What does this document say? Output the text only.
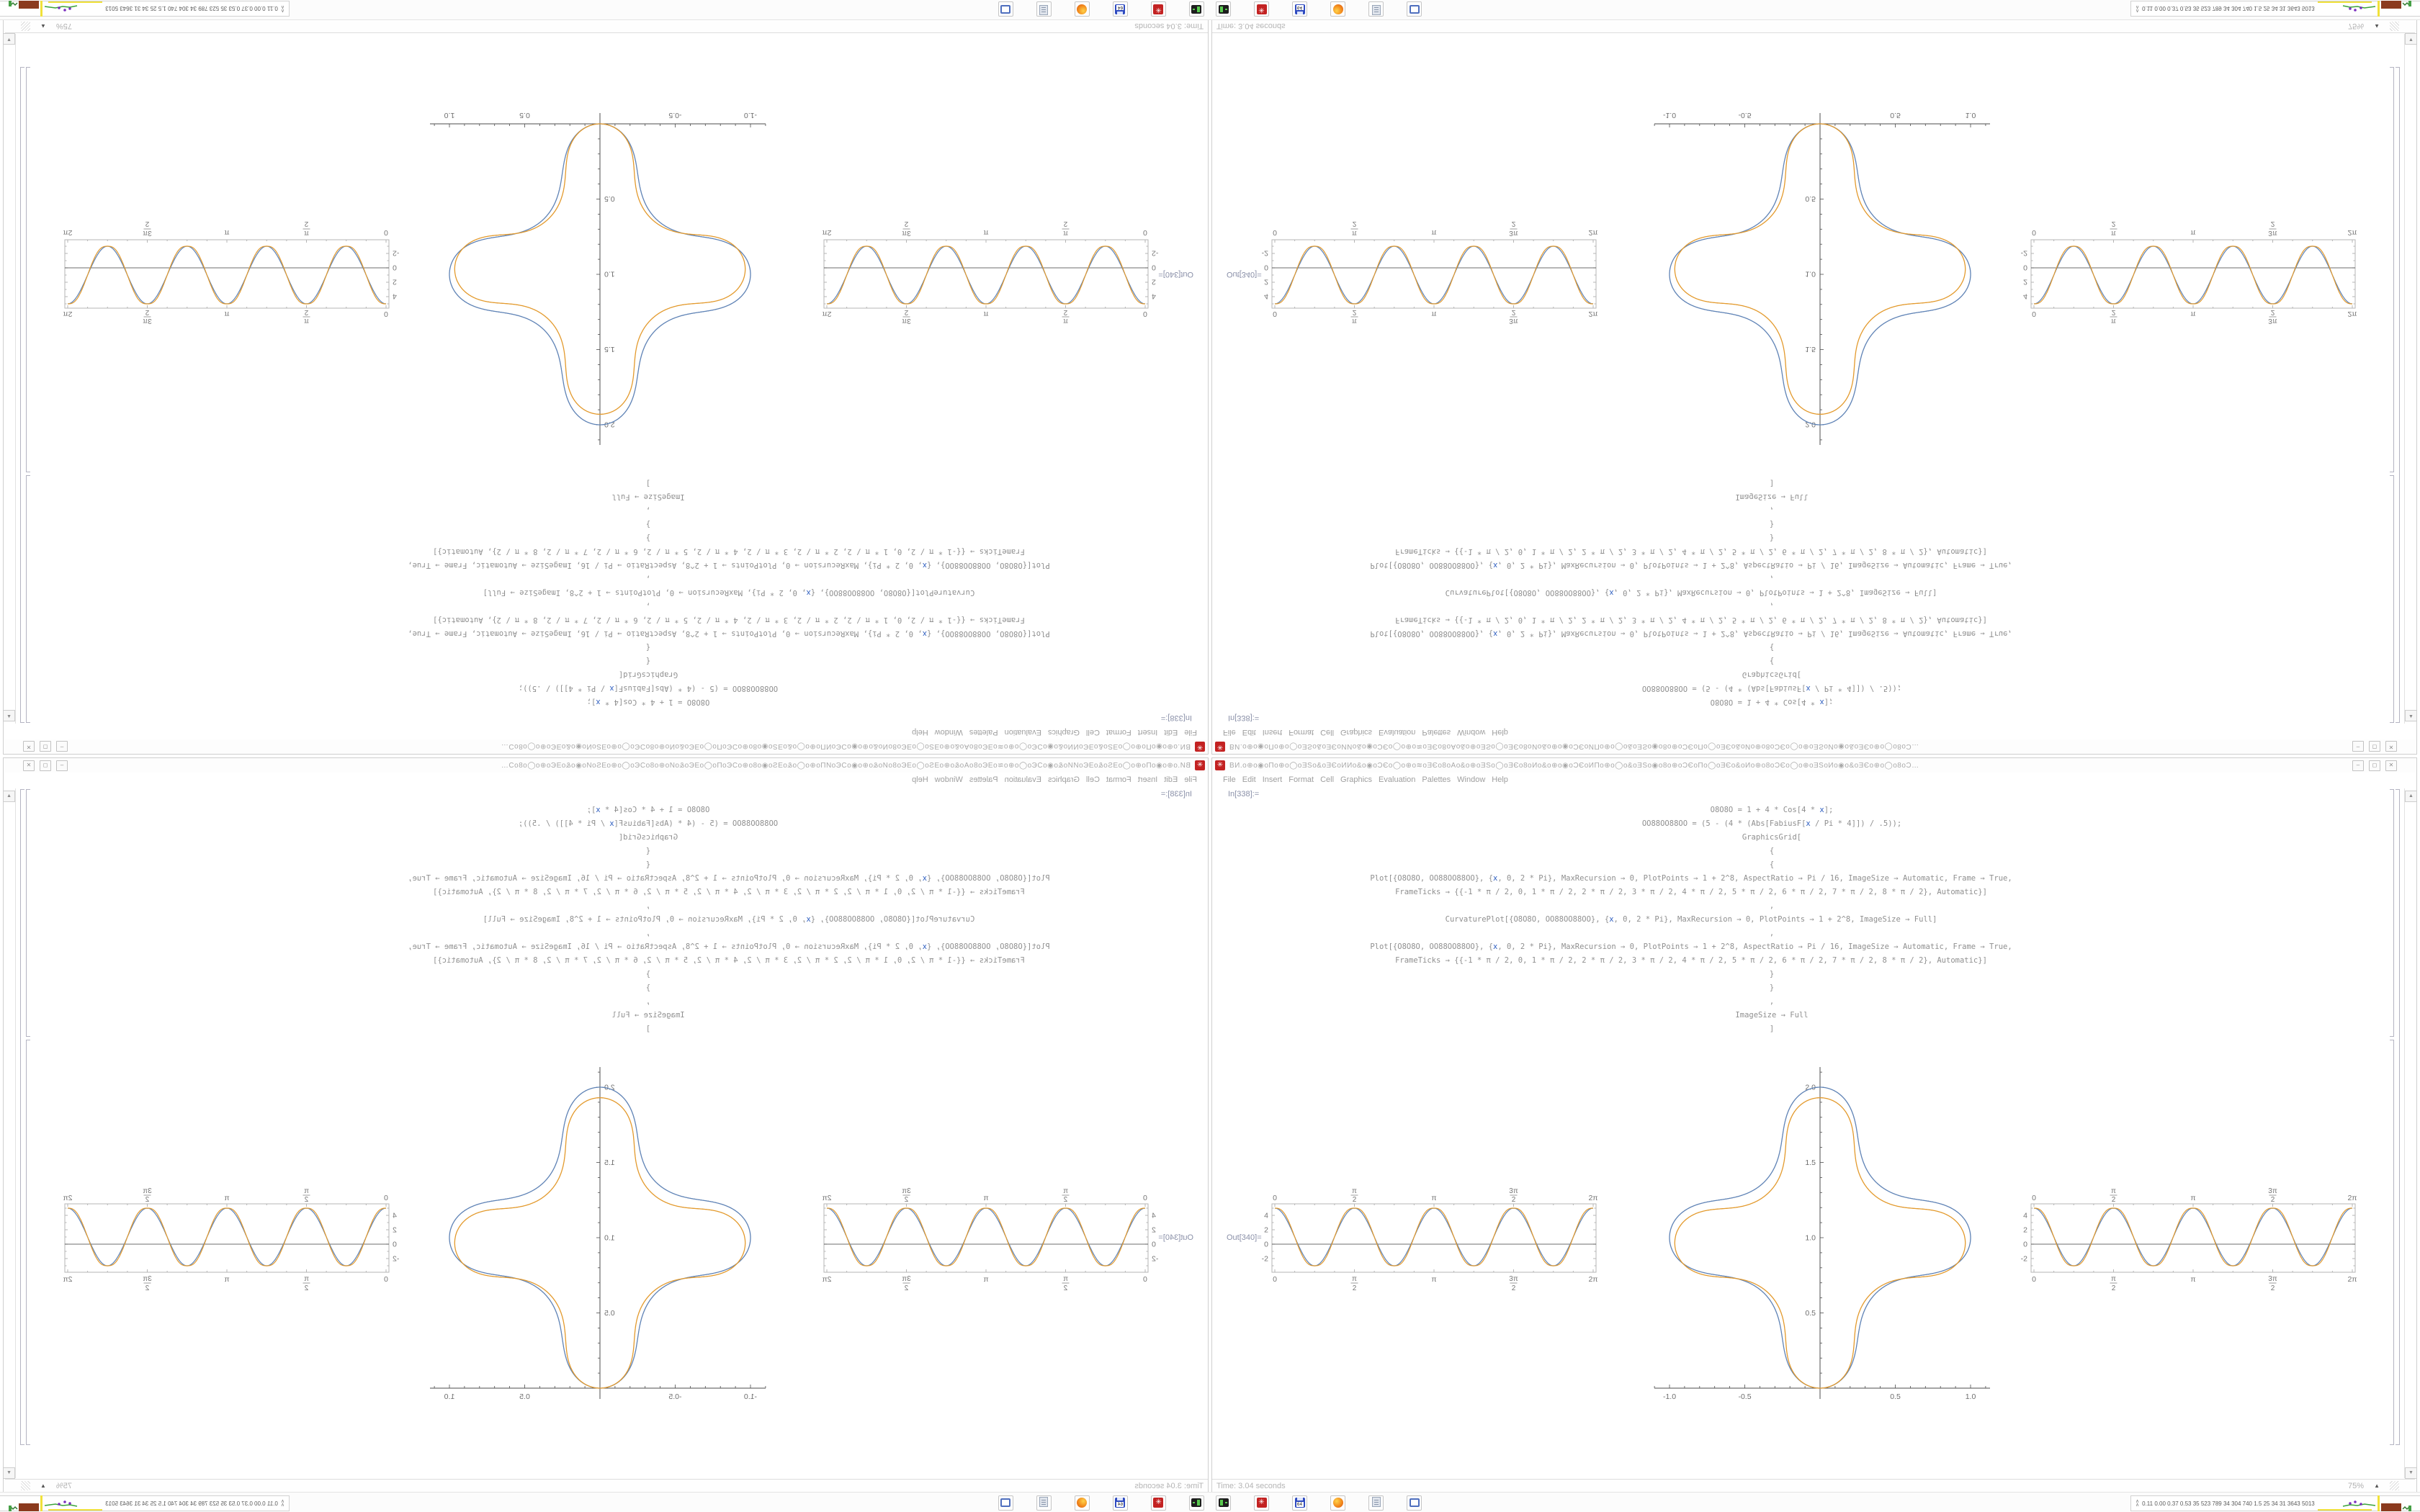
✳
ВИ.о⊕о◉оПо⊕о◯оƎЅо&оƎЄоИИо&о◉оƆЄо◯о⊕о≋оƎЄо8оАо&о⊕оƎЅо◯оƎЄо8оИо&о⊕о◉оƆЄоИПо⊕о◯о&оƎЅо◉о8о⊕оƆЄоПо◯оƎЄо&оИо⊕о8оƆЄо◯о⊕оƎЅоИо◉о&оƎЄо⊕о◯о8оƆ…
–
◻
✕
File
Edit
Insert
Format
Cell
Graphics
Evaluation
Palettes
Window
Help
In[338]:=
O8O8O = 1 + 4 * Cos[4 * x];
OO88OO88OO = (5 - (4 * (Abs[FabiusF[x / Pi * 4]]) / .5));
GraphicsGrid[
{
{
Plot[{O8O8O, OO88OO88OO}, {x, 0, 2 * Pi}, MaxRecursion → 0, PlotPoints → 1 + 2^8, AspectRatio → Pi / 16, ImageSize → Automatic, Frame → True,
FrameTicks → {{-1 * π / 2, 0, 1 * π / 2, 2 * π / 2, 3 * π / 2, 4 * π / 2, 5 * π / 2, 6 * π / 2, 7 * π / 2, 8 * π / 2}, Automatic}]
,
CurvaturePlot[{O8O8O, OO88OO88OO}, {x, 0, 2 * Pi}, MaxRecursion → 0, PlotPoints → 1 + 2^8, ImageSize → Full]
,
Plot[{O8O8O, OO88OO88OO}, {x, 0, 2 * Pi}, MaxRecursion → 0, PlotPoints → 1 + 2^8, AspectRatio → Pi / 16, ImageSize → Automatic, Frame → True,
FrameTicks → {{-1 * π / 2, 0, 1 * π / 2, 2 * π / 2, 3 * π / 2, 4 * π / 2, 5 * π / 2, 6 * π / 2, 7 * π / 2, 8 * π / 2}, Automatic}]
}
}
,
ImageSize → Full
]
Out[340]=
0
0
π
2
π
2
π
π
3π
2
3π
2
2π
2π
-2
0
2
4
-1.0
-0.5
0.5
1.0
0.5
1.0
1.5
2.0
0
0
π
2
π
2
π
π
3π
2
3π
2
2π
2π
-2
0
2
4
▲
▼
Time: 3.04 seconds
75%
▲
✳
64
∧
∧
0.11 0.00 0.37 0.53 35 523 789 34 304 740 1.5 25 34 31 3643 5013
✳ ВИ.о⊕о◉оПо⊕о◯оƎЅо&оƎЄоИИо&о◉оƆЄо◯о⊕о≋оƎЄо8оАо&о⊕оƎЅо◯оƎЄо8оИо&о⊕о◉оƆЄоИПо⊕о◯о&оƎЅо◉о8о⊕оƆЄоПо◯оƎЄо&оИо⊕о8оƆЄо◯о⊕оƎЅоИо◉о&оƎЄо⊕о◯о8оƆ…	–	◻	✕
File Edit Insert Format Cell Graphics Evaluation Palettes Window Help
In[338]:=
O8O8O = 1 + 4 * Cos[4 * x];
OO88OO88OO = (5 - (4 * (Abs[FabiusF[x / Pi * 4]]) / .5));
GraphicsGrid[
{
{
Plot[{O8O8O, OO88OO88OO}, {x, 0, 2 * Pi}, MaxRecursion → 0, PlotPoints → 1 + 2^8, AspectRatio → Pi / 16, ImageSize → Automatic, Frame → True,
FrameTicks → {{-1 * π / 2, 0, 1 * π / 2, 2 * π / 2, 3 * π / 2, 4 * π / 2, 5 * π / 2, 6 * π / 2, 7 * π / 2, 8 * π / 2}, Automatic}]
,
CurvaturePlot[{O8O8O, OO88OO88OO}, {x, 0, 2 * Pi}, MaxRecursion → 0, PlotPoints → 1 + 2^8, ImageSize → Full]
,
Plot[{O8O8O, OO88OO88OO}, {x, 0, 2 * Pi}, MaxRecursion → 0, PlotPoints → 1 + 2^8, AspectRatio → Pi / 16, ImageSize → Automatic, Frame → True,
FrameTicks → {{-1 * π / 2, 0, 1 * π / 2, 2 * π / 2, 3 * π / 2, 4 * π / 2, 5 * π / 2, 6 * π / 2, 7 * π / 2, 8 * π / 2}, Automatic}]
}
}
,
ImageSize → Full
]
Out[340]=
0
0
π
2
π
2
π
π
3π
2
3π
2
2π
2π
-2
0
2
4
-1.0	-0.5	0.5	1.0
0.5
1.0
1.5
2.0
0
0
π
2
π
2
π
π
3π
2
3π
2
2π
2π
-2
0
2
4
▲
▼
Time: 3.04 seconds	75% ▲
✳	64
∧
∧ 0.11 0.00 0.37 0.53 35 523 789 34 304 740 1.5 25 34 31 3643 5013
✳
ВИ.о⊕о◉оПо⊕о◯оƎЅо&оƎЄоИИо&о◉оƆЄо◯о⊕о≋оƎЄо8оАо&о⊕оƎЅо◯оƎЄо8оИо&о⊕о◉оƆЄоИПо⊕о◯о&оƎЅо◉о8о⊕оƆЄоПо◯оƎЄо&оИо⊕о8оƆЄо◯о⊕оƎЅоИо◉о&оƎЄо⊕о◯о8оƆ…
–
◻
✕
File
Edit
Insert
Format
Cell
Graphics
Evaluation
Palettes
Window
Help
In[338]:=
O8O8O = 1 + 4 * Cos[4 * x];
OO88OO88OO = (5 - (4 * (Abs[FabiusF[x / Pi * 4]]) / .5));
GraphicsGrid[
{
{
Plot[{O8O8O, OO88OO88OO}, {x, 0, 2 * Pi}, MaxRecursion → 0, PlotPoints → 1 + 2^8, AspectRatio → Pi / 16, ImageSize → Automatic, Frame → True,
FrameTicks → {{-1 * π / 2, 0, 1 * π / 2, 2 * π / 2, 3 * π / 2, 4 * π / 2, 5 * π / 2, 6 * π / 2, 7 * π / 2, 8 * π / 2}, Automatic}]
,
CurvaturePlot[{O8O8O, OO88OO88OO}, {x, 0, 2 * Pi}, MaxRecursion → 0, PlotPoints → 1 + 2^8, ImageSize → Full]
,
Plot[{O8O8O, OO88OO88OO}, {x, 0, 2 * Pi}, MaxRecursion → 0, PlotPoints → 1 + 2^8, AspectRatio → Pi / 16, ImageSize → Automatic, Frame → True,
FrameTicks → {{-1 * π / 2, 0, 1 * π / 2, 2 * π / 2, 3 * π / 2, 4 * π / 2, 5 * π / 2, 6 * π / 2, 7 * π / 2, 8 * π / 2}, Automatic}]
}
}
,
ImageSize → Full
]
Out[340]=
0
0
π
2
π
2
π
π
3π
2
3π
2
2π
2π
-2
0
2
4
-1.0
-0.5
0.5
1.0
0.5
1.0
1.5
2.0
0
0
π
2
π
2
π
π
3π
2
3π
2
2π
2π
-2
0
2
4
▲
▼
Time: 3.04 seconds
75%
▲
✳
64
∧
∧
0.11 0.00 0.37 0.53 35 523 789 34 304 740 1.5 25 34 31 3643 5013
✳ ВИ.о⊕о◉оПо⊕о◯оƎЅо&оƎЄоИИо&о◉оƆЄо◯о⊕о≋оƎЄо8оАо&о⊕оƎЅо◯оƎЄо8оИо&о⊕о◉оƆЄоИПо⊕о◯о&оƎЅо◉о8о⊕оƆЄоПо◯оƎЄо&оИо⊕о8оƆЄо◯о⊕оƎЅоИо◉о&оƎЄо⊕о◯о8оƆ…	–	◻	✕
File Edit Insert Format Cell Graphics Evaluation Palettes Window Help
In[338]:=
O8O8O = 1 + 4 * Cos[4 * x];
OO88OO88OO = (5 - (4 * (Abs[FabiusF[x / Pi * 4]]) / .5));
GraphicsGrid[
{
{
Plot[{O8O8O, OO88OO88OO}, {x, 0, 2 * Pi}, MaxRecursion → 0, PlotPoints → 1 + 2^8, AspectRatio → Pi / 16, ImageSize → Automatic, Frame → True,
FrameTicks → {{-1 * π / 2, 0, 1 * π / 2, 2 * π / 2, 3 * π / 2, 4 * π / 2, 5 * π / 2, 6 * π / 2, 7 * π / 2, 8 * π / 2}, Automatic}]
,
CurvaturePlot[{O8O8O, OO88OO88OO}, {x, 0, 2 * Pi}, MaxRecursion → 0, PlotPoints → 1 + 2^8, ImageSize → Full]
,
Plot[{O8O8O, OO88OO88OO}, {x, 0, 2 * Pi}, MaxRecursion → 0, PlotPoints → 1 + 2^8, AspectRatio → Pi / 16, ImageSize → Automatic, Frame → True,
FrameTicks → {{-1 * π / 2, 0, 1 * π / 2, 2 * π / 2, 3 * π / 2, 4 * π / 2, 5 * π / 2, 6 * π / 2, 7 * π / 2, 8 * π / 2}, Automatic}]
}
}
,
ImageSize → Full
]
Out[340]=
0
0
π
2
π
2
π
π
3π
2
3π
2
2π
2π
-2
0
2
4
-1.0	-0.5	0.5	1.0
0.5
1.0
1.5
2.0
0
0
π
2
π
2
π
π
3π
2
3π
2
2π
2π
-2
0
2
4
▲
▼
Time: 3.04 seconds	75% ▲
✳	64
∧
∧ 0.11 0.00 0.37 0.53 35 523 789 34 304 740 1.5 25 34 31 3643 5013
